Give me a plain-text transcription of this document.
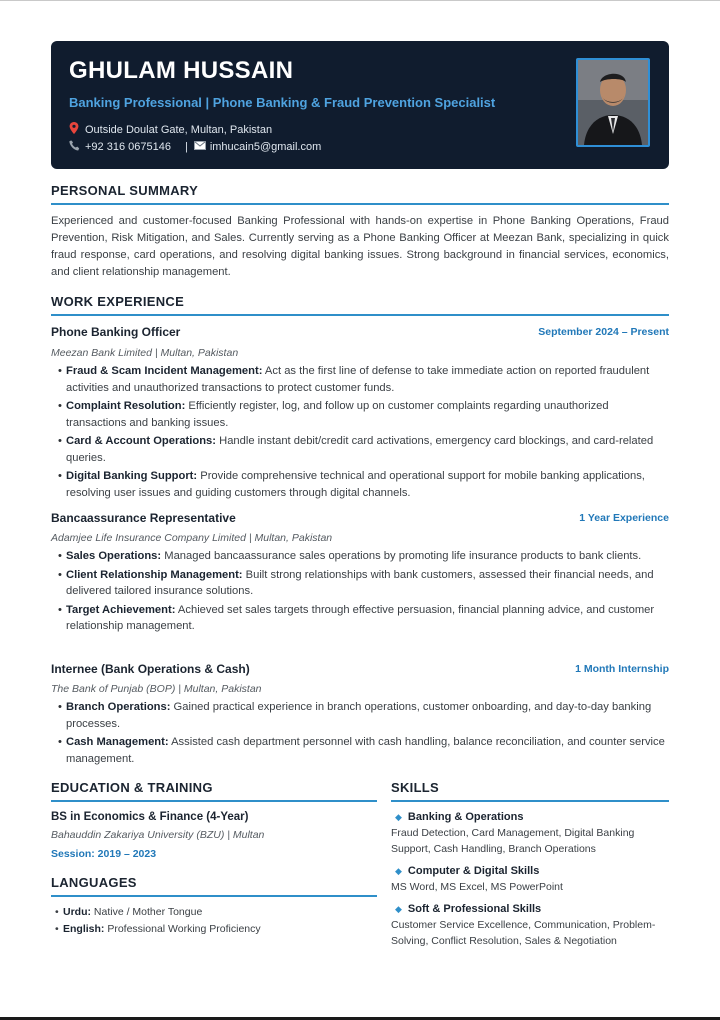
GHULAM HUSSAIN
Banking Professional | Phone Banking & Fraud Prevention Specialist
Outside Doulat Gate, Multan, Pakistan
+92 316 0675146 | imhucain5@gmail.com
PERSONAL SUMMARY
Experienced and customer-focused Banking Professional with hands-on expertise in Phone Banking Operations, Fraud Prevention, Risk Mitigation, and Sales. Currently serving as a Phone Banking Officer at Meezan Bank, specializing in quick fraud response, card operations, and resolving digital banking issues. Strong background in financial services, economics, and client relationship management.
WORK EXPERIENCE
Phone Banking Officer	September 2024 – Present
Meezan Bank Limited | Multan, Pakistan
• Fraud & Scam Incident Management: Act as the first line of defense to take immediate action on reported fraudulent activities and unauthorized transactions to protect customer funds.
• Complaint Resolution: Efficiently register, log, and follow up on customer complaints regarding unauthorized transactions and banking issues.
• Card & Account Operations: Handle instant debit/credit card activations, emergency card blockings, and card-related queries.
• Digital Banking Support: Provide comprehensive technical and operational support for mobile banking applications, resolving user issues and guiding customers through digital channels.
Bancaassurance Representative	1 Year Experience
Adamjee Life Insurance Company Limited | Multan, Pakistan
• Sales Operations: Managed bancaassurance sales operations by promoting life insurance products to bank clients.
• Client Relationship Management: Built strong relationships with bank customers, assessed their financial needs, and delivered tailored insurance solutions.
• Target Achievement: Achieved set sales targets through effective persuasion, financial planning advice, and customer relationship management.
Internee (Bank Operations & Cash)	1 Month Internship
The Bank of Punjab (BOP) | Multan, Pakistan
• Branch Operations: Gained practical experience in branch operations, customer onboarding, and day-to-day banking processes.
• Cash Management: Assisted cash department personnel with cash handling, balance reconciliation, and counter service management.
EDUCATION & TRAINING
BS in Economics & Finance (4-Year)
Bahauddin Zakariya University (BZU) | Multan
Session: 2019 – 2023
LANGUAGES
• Urdu: Native / Mother Tongue
• English: Professional Working Proficiency
SKILLS
◆ Banking & Operations
Fraud Detection, Card Management, Digital Banking Support, Cash Handling, Branch Operations
◆ Computer & Digital Skills
MS Word, MS Excel, MS PowerPoint
◆ Soft & Professional Skills
Customer Service Excellence, Communication, Problem-Solving, Conflict Resolution, Sales & Negotiation
